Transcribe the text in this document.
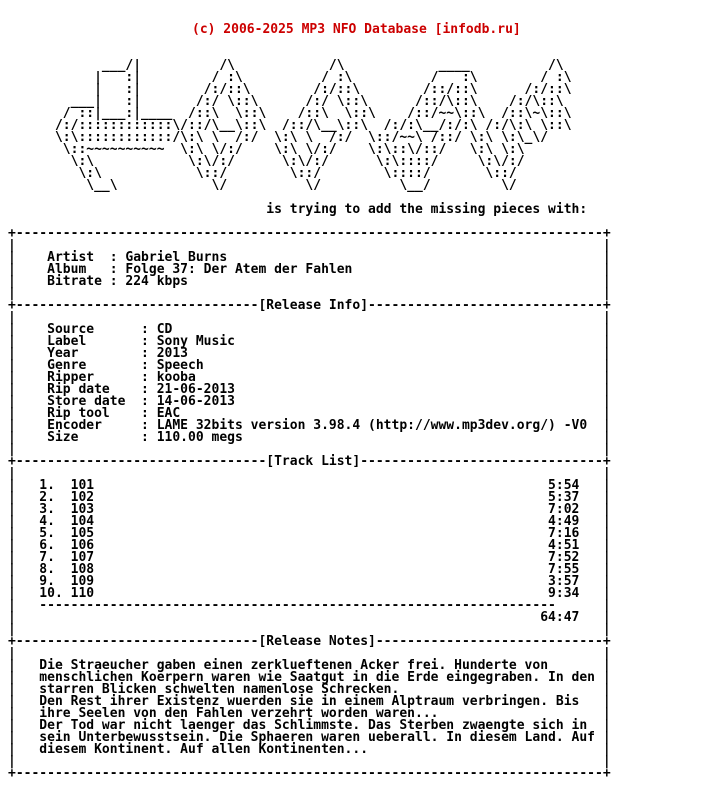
(c) 2006-2025 MP3 NFO Database [infodb.ru]

___/|          /\            /\            ____          /\
|   :|         / :\          / :\          /   :\        / :\
|   :|        /:/::\        /:/::\        /::/::\      /:/::\
___|   :|       /:/ \::\      /:/ \::\      /::/\::\    /:/\::\
/ ::|___:|____  /::\  \::\    /::\  \::\    /::/~~\::\  /::\~\::\
/:/::::::::::::\/::/\__\::\  /::/\__\::\  /:/:\__/:/:\ /:/\:\ \::\
\:\::::::::::::/\:\ \  /:/  \:\ \  /:/  \::/~~\ /::/ \:\ \:\_\/
\::~~~~~~~~~~  \:\ \/:/    \:\ \/:/    \:\::\/::/   \:\ \:\
\:\            \:\/:/      \:\/:/      \:\::::/     \:\/:/
\:\            \::/        \::/        \::::/       \::/
\__\            \/          \/          \__/         \/
is trying to add the missing pieces with:
+---------------------------------------------------------------------------+
|                                                                           |
|    Artist  : Gabriel Burns                                                |
|    Album   : Folge 37: Der Atem der Fahlen                                |
|    Bitrate : 224 kbps                                                     |
|                                                                           |
+-------------------------------[Release Info]------------------------------+
|                                                                           |
|    Source      : CD                                                       |
|    Label       : Sony Music                                               |
|    Year        : 2013                                                     |
|    Genre       : Speech                                                   |
|    Ripper      : kooba                                                    |
|    Rip date    : 21-06-2013                                               |
|    Store date  : 14-06-2013                                               |
|    Rip tool    : EAC                                                      |
|    Encoder     : LAME 32bits version 3.98.4 (http://www.mp3dev.org/) -V0  |
|    Size        : 110.00 megs                                              |
|                                                                           |
+--------------------------------[Track List]-------------------------------+
|                                                                           |
|   1.  101                                                          5:54   |
|   2.  102                                                          5:37   |
|   3.  103                                                          7:02   |
|   4.  104                                                          4:49   |
|   5.  105                                                          7:16   |
|   6.  106                                                          4:51   |
|   7.  107                                                          7:52   |
|   8.  108                                                          7:55   |
|   9.  109                                                          3:57   |
|   10. 110                                                          9:34   |
|   ------------------------------------------------------------------      |
|                                                                   64:47   |
|                                                                           |
+-------------------------------[Release Notes]-----------------------------+
|                                                                           |
|   Die Straeucher gaben einen zerklueftenen Acker frei. Hunderte von       |
|   menschlichen Koerpern waren wie Saatgut in die Erde eingegraben. In den |
|   starren Blicken schwelten namenlose Schrecken.                          |
|   Den Rest ihrer Existenz wuerden sie in einem Alptraum verbringen. Bis   |
|   ihre Seelen von den Fahlen verzehrt worden waren...                     |
|   Der Tod war nicht laenger das Schlimmste. Das Sterben zwaengte sich in  |
|   sein Unterbewusstsein. Die Sphaeren waren ueberall. In diesem Land. Auf |
|   diesem Kontinent. Auf allen Kontinenten...                              |
|                                                                           |
+---------------------------------------------------------------------------+
